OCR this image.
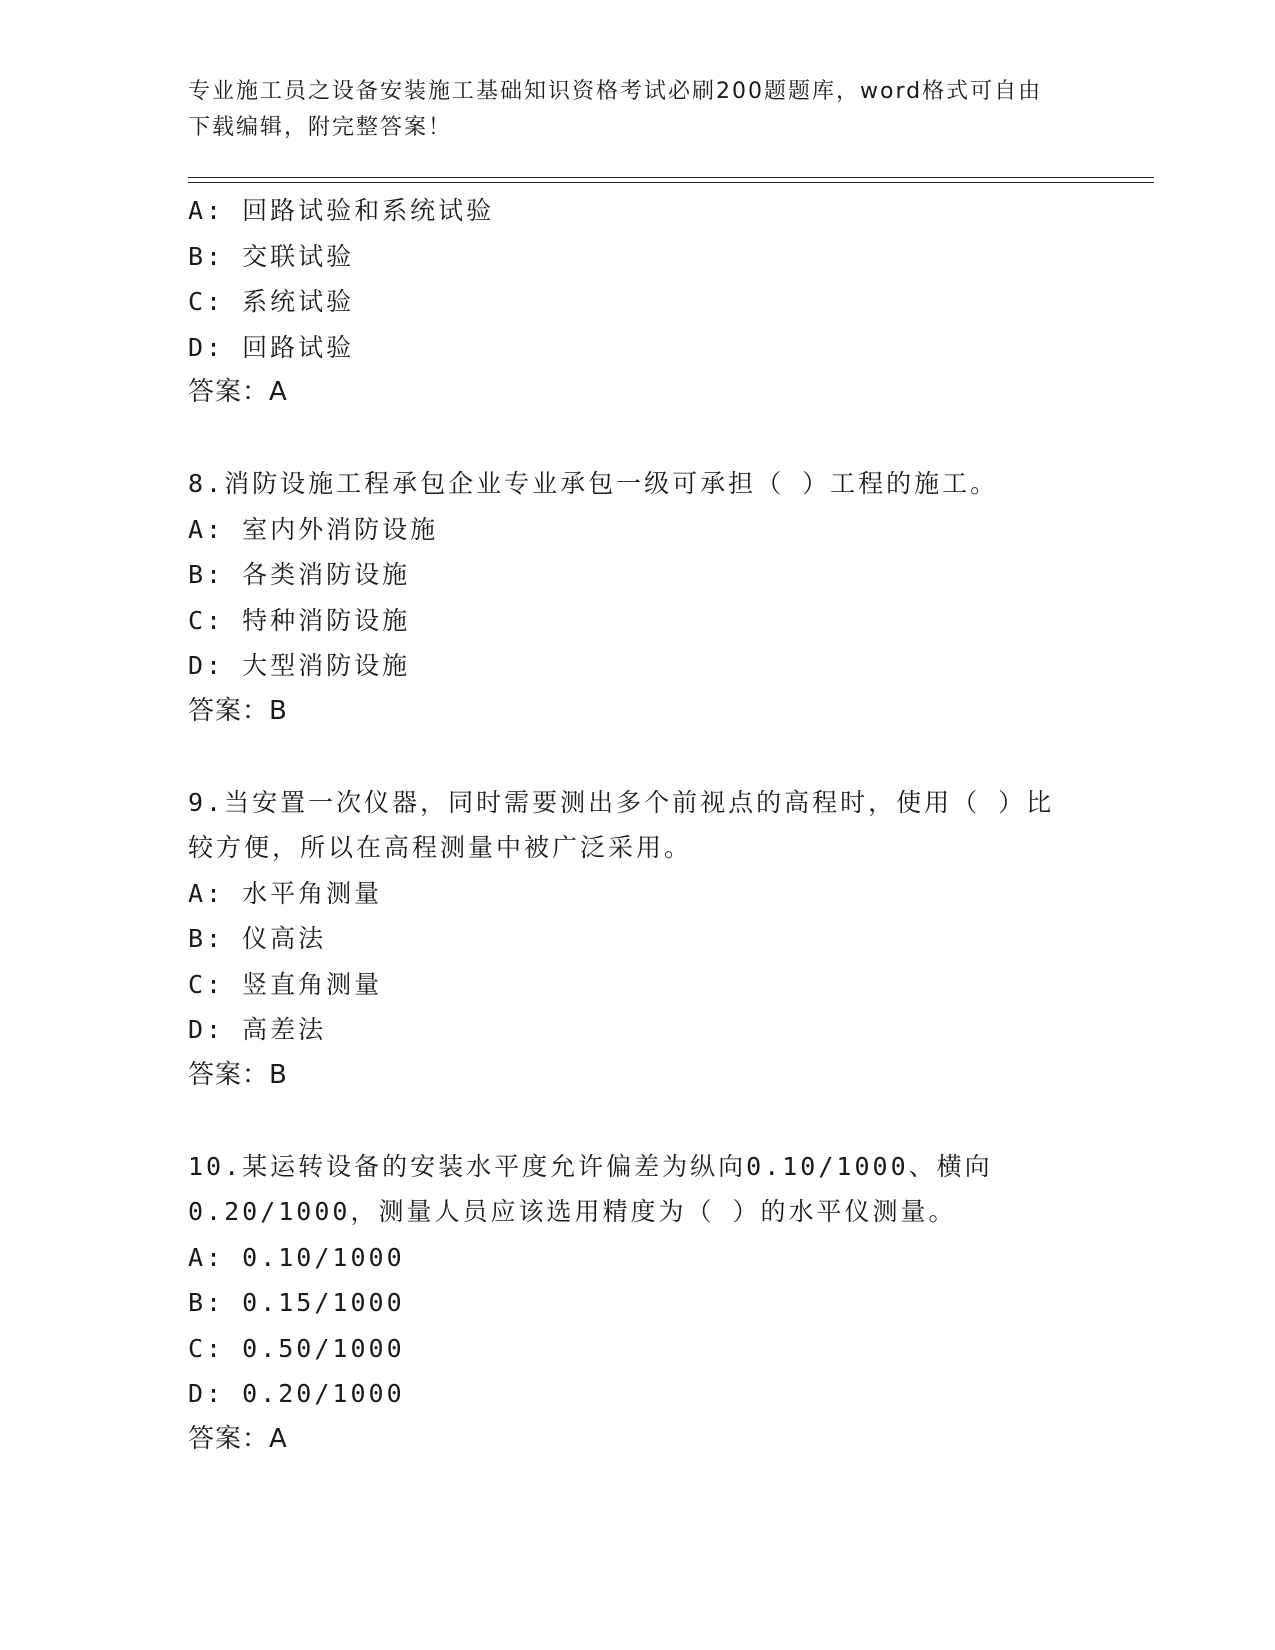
专业施工员之设备安装施工基础知识资格考试必刷200题题库，word格式可自由
下载编辑，附完整答案！
A: 回路试验和系统试验
B: 交联试验
C: 系统试验
D: 回路试验
答案：A
8.消防设施工程承包企业专业承包一级可承担（ ）工程的施工。
A: 室内外消防设施
B: 各类消防设施
C: 特种消防设施
D: 大型消防设施
答案：B
9.当安置一次仪器，同时需要测出多个前视点的高程时，使用（ ）比
较方便，所以在高程测量中被广泛采用。
A: 水平角测量
B: 仪高法
C: 竖直角测量
D: 高差法
答案：B
10.某运转设备的安装水平度允许偏差为纵向0.10/1000、横向
0.20/1000，测量人员应该选用精度为（ ）的水平仪测量。
A: 0.10/1000
B: 0.15/1000
C: 0.50/1000
D: 0.20/1000
答案：A
